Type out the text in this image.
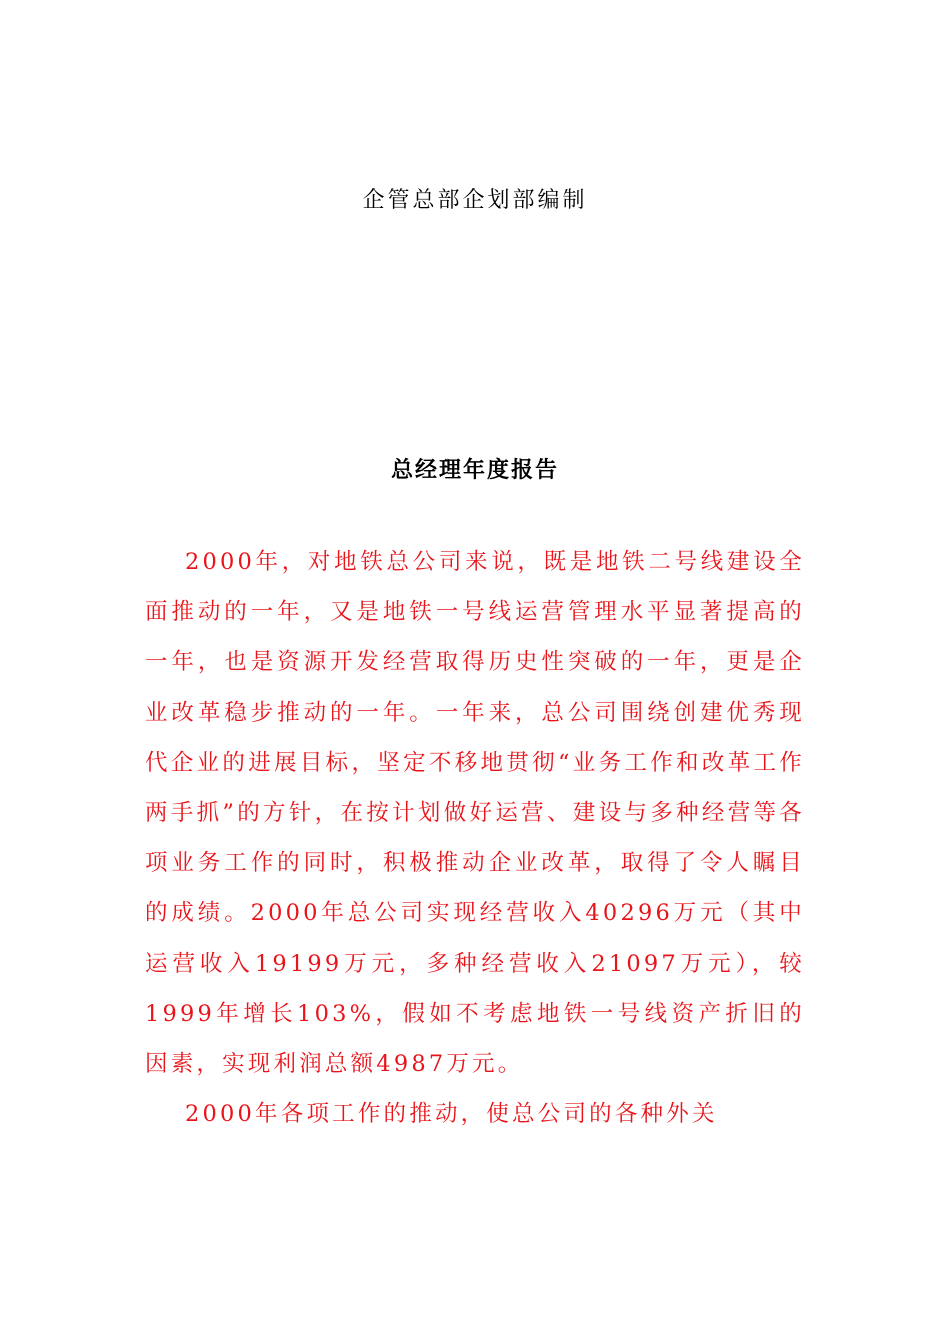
企管总部企划部编制
总经理年度报告

2000年，对地铁总公司来说，既是地铁二号线建设全面推动的一年，又是地铁一号线运营管理水平显著提高的一年，也是资源开发经营取得历史性突破的一年，更是企业改革稳步推动的一年。一年来，总公司围绕创建优秀现代企业的进展目标，坚定不移地贯彻“业务工作和改革工作两手抓”的方针，在按计划做好运营、建设与多种经营等各项业务工作的同时，积极推动企业改革，取得了令人瞩目的成绩。2000年总公司实现经营收入40296万元（其中运营收入19199万元，多种经营收入21097万元），较1999年增长103%，假如不考虑地铁一号线资产折旧的因素，实现利润总额4987万元。

2000年各项工作的推动，使总公司的各种外关
